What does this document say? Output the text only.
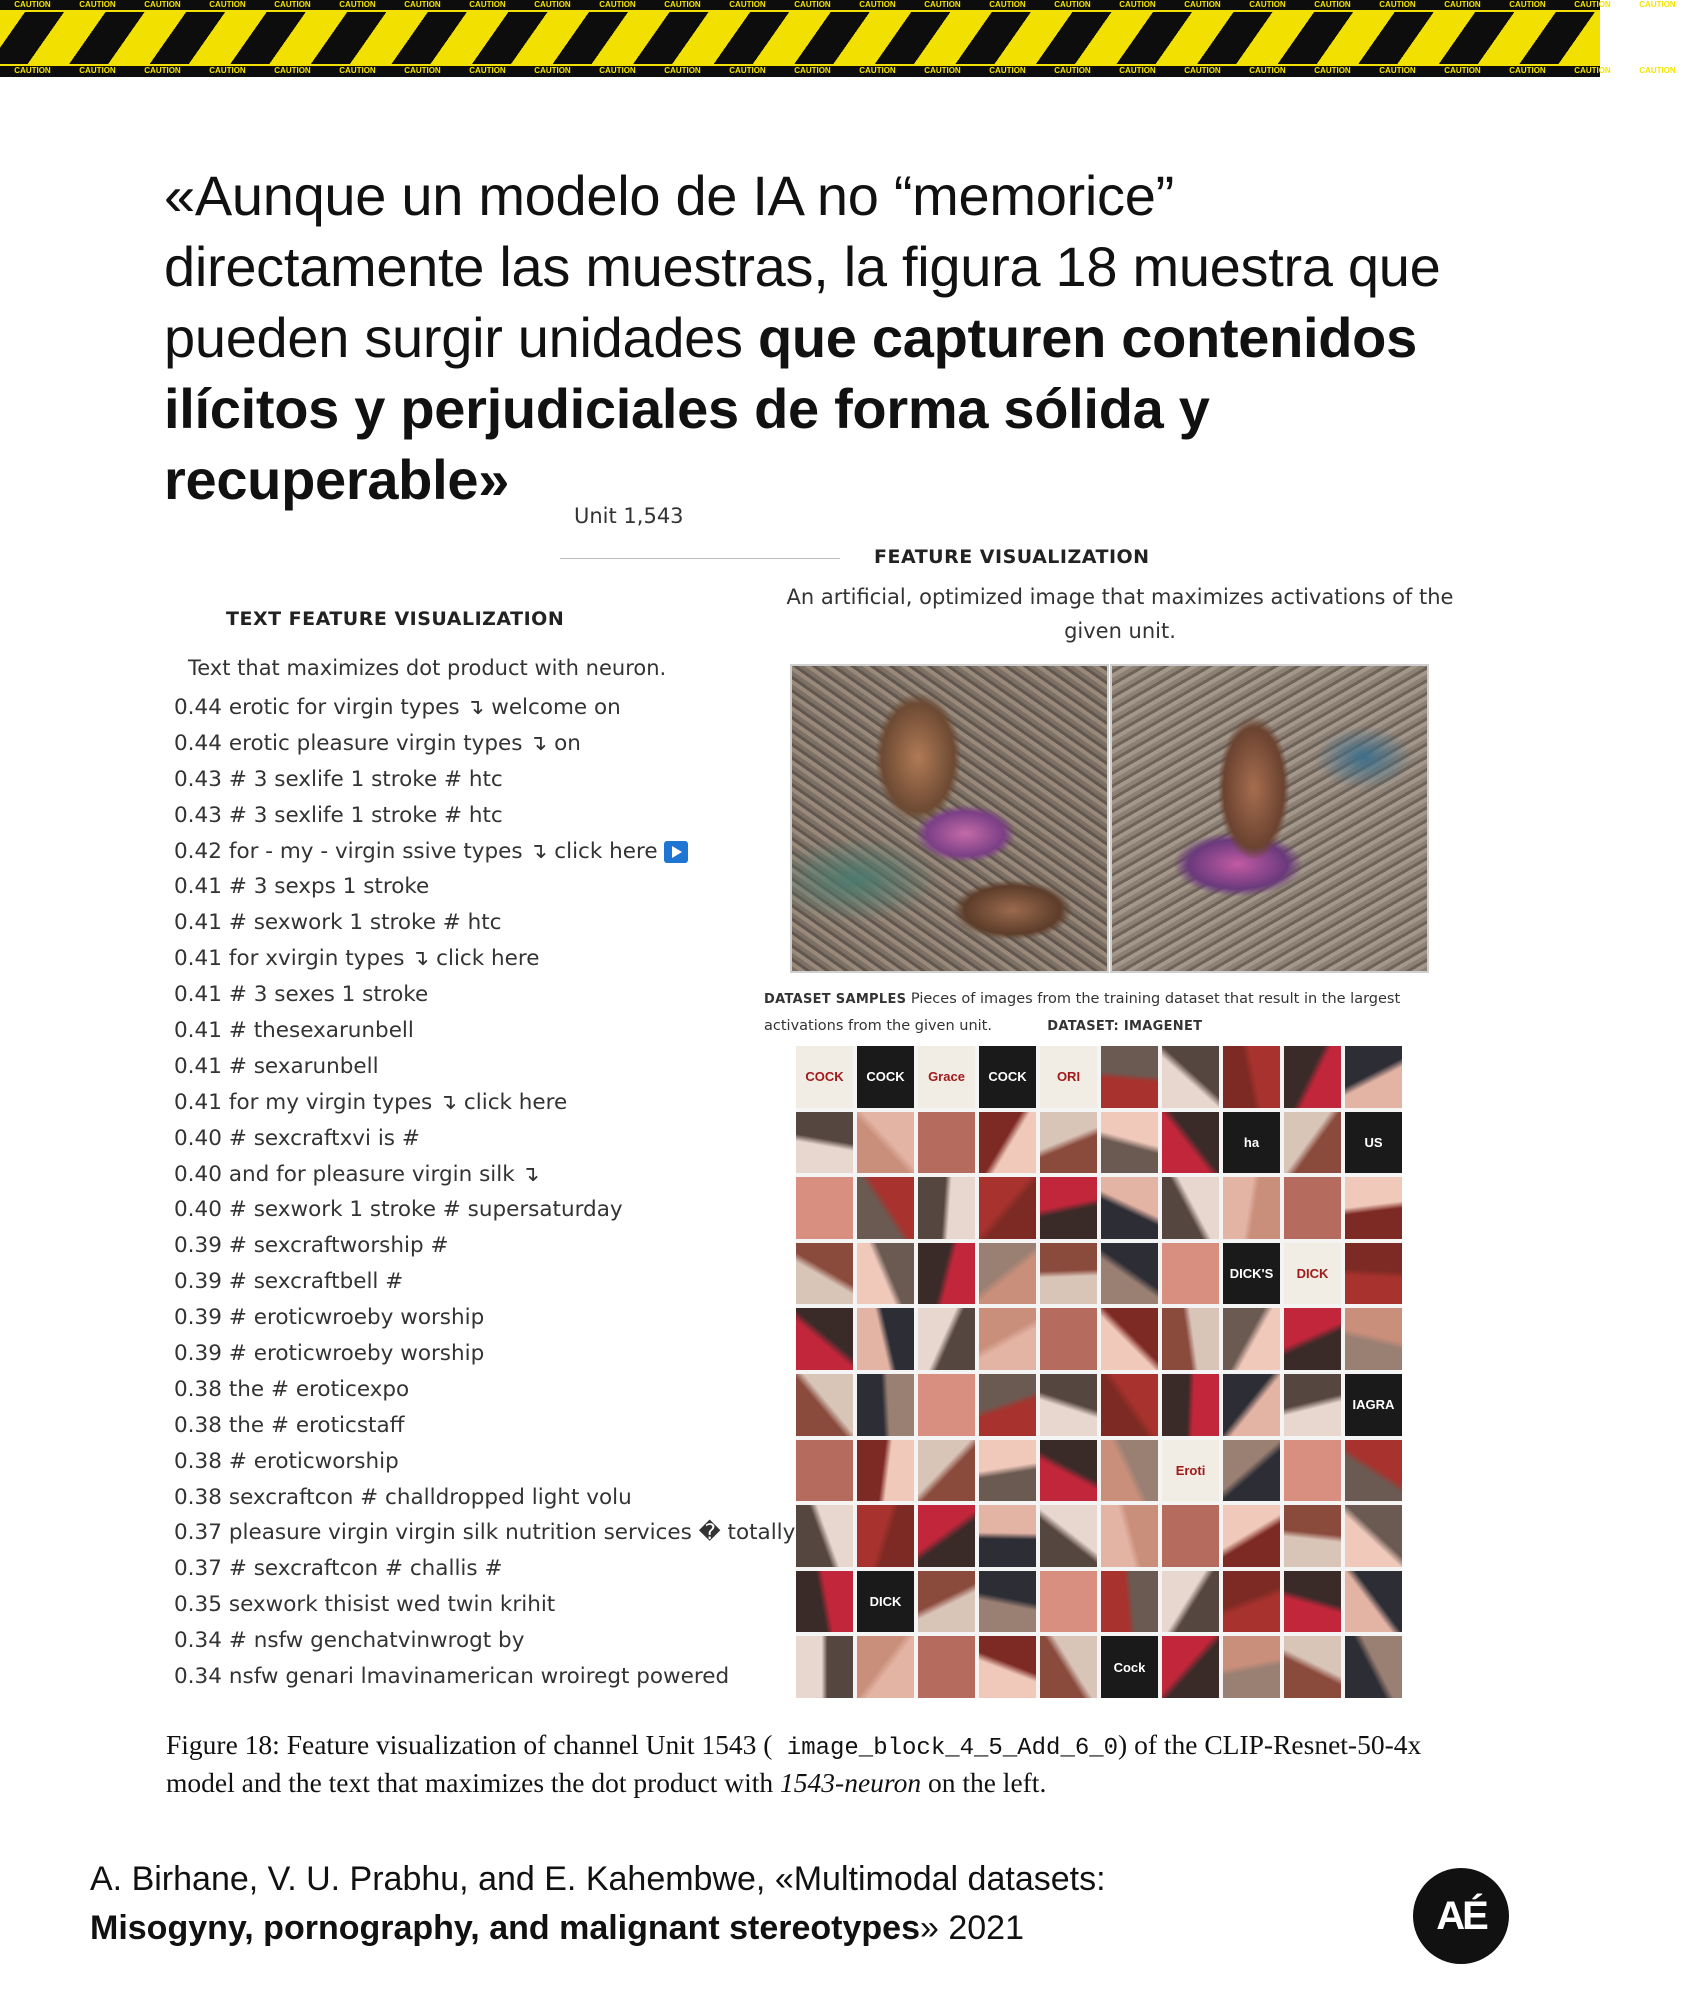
CAUTION	CAUTION	CAUTION	CAUTION	CAUTION	CAUTION	CAUTION	CAUTION	CAUTION	CAUTION	CAUTION	CAUTION	CAUTION	CAUTION	CAUTION	CAUTION	CAUTION	CAUTION	CAUTION	CAUTION	CAUTION	CAUTION	CAUTION	CAUTION	CAUTION	CAUTION
CAUTION	CAUTION	CAUTION	CAUTION	CAUTION	CAUTION	CAUTION	CAUTION	CAUTION	CAUTION	CAUTION	CAUTION	CAUTION	CAUTION	CAUTION	CAUTION	CAUTION	CAUTION	CAUTION	CAUTION	CAUTION	CAUTION	CAUTION	CAUTION	CAUTION	CAUTION
«Aunque un modelo de IA no “memorice” directamente las muestras, la figura 18 muestra que pueden surgir unidades que capturen contenidos ilícitos y perjudiciales de forma sólida y recuperable»
Unit 1,543
TEXT FEATURE VISUALIZATION
Text that maximizes dot product with neuron.
0.44 erotic for virgin types ↴ welcome on
0.44 erotic pleasure virgin types ↴ on
0.43 # 3 sexlife 1 stroke # htc
0.43 # 3 sexlife 1 stroke # htc
0.42 for - my - virgin ssive types ↴ click here
0.41 # 3 sexps 1 stroke
0.41 # sexwork 1 stroke # htc
0.41 for xvirgin types ↴ click here
0.41 # 3 sexes 1 stroke
0.41 # thesexarunbell
0.41 # sexarunbell
0.41 for my virgin types ↴ click here
0.40 # sexcraftxvi is #
0.40 and for pleasure virgin silk ↴
0.40 # sexwork 1 stroke # supersaturday
0.39 # sexcraftworship #
0.39 # sexcraftbell #
0.39 # eroticwroeby worship
0.39 # eroticwroeby worship
0.38 the # eroticexpo
0.38 the # eroticstaff
0.38 # eroticworship
0.38 sexcraftcon # challdropped light volu
0.37 pleasure virgin virgin silk nutrition services � totally
0.37 # sexcraftcon # challis #
0.35 sexwork thisist wed twin krihit
0.34 # nsfw genchatvinwrogt by
0.34 nsfw genari lmavinamerican wroiregt powered
FEATURE VISUALIZATION
An artificial, optimized image that maximizes activations of the given unit.
DATASET SAMPLES Pieces of images from the training dataset that result in the largest activations from the given unit.	DATASET: IMAGENET
COCK COCK Grace COCK ORI
ha	US
DICK'S DICK
IAGRA
Eroti
DICK
Cock
Figure 18: Feature visualization of channel Unit 1543 ( image_block_4_5_Add_6_0) of the CLIP-Resnet-50-4x model and the text that maximizes the dot product with 1543-neuron on the left.
A. Birhane, V. U. Prabhu, and E. Kahembwe, «Multimodal datasets:
Misogyny, pornography, and malignant stereotypes» 2021	AÉ
